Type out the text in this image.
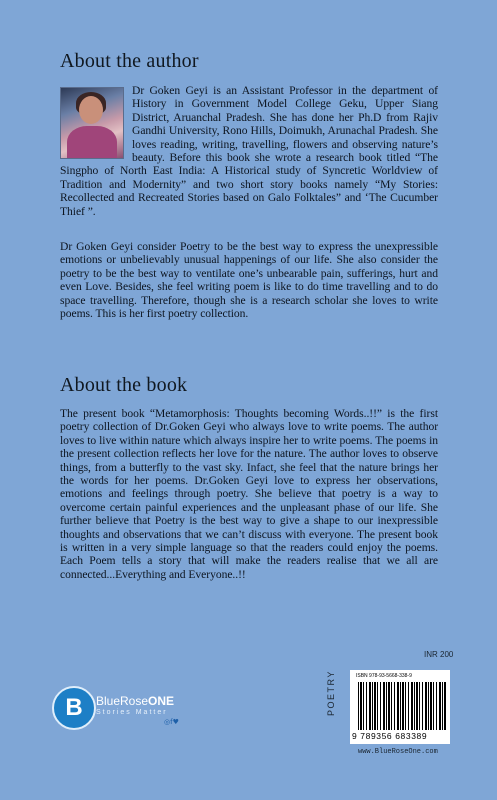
About the author

Dr Goken Geyi is an Assistant Professor in the department of History in Government Model College Geku, Upper Siang District, Aruanchal Pradesh. She has done her Ph.D from Rajiv Gandhi University, Rono Hills, Doimukh, Arunachal Pradesh. She loves reading, writing, travelling, flowers and observing nature’s beauty. Before this book she wrote a research book titled “The Singpho of North East India: A Historical study of Syncretic Worldview of Tradition and Modernity” and two short story books namely “My Stories: Recollected and Recreated Stories based on Galo Folktales” and ‘The Cucumber Thief ”.

Dr Goken Geyi consider Poetry to be the best way to express the unexpressible emotions or unbelievably unusual happenings of our life. She also consider the poetry to be the best way to ventilate one’s unbearable pain, sufferings, hurt and even Love. Besides, she feel writing poem is like to do time travelling and to do space travelling. Therefore, though she is a research scholar she loves to write poems. This is her first poetry collection.

About the book

The present book “Metamorphosis: Thoughts becoming Words..!!” is the first poetry collection of Dr.Goken Geyi who always love to write poems. The author loves to live within nature which always inspire her to write poems. The poems in the present collection reflects her love for the nature. The author loves to observe things, from a butterfly to the vast sky. Infact, she feel that the nature brings her the words for her poems. Dr.Goken Geyi love to express her observations, emotions and feelings through poetry. She believe that poetry is a way to overcome certain painful experiences and the unpleasant phase of our life. She further believe that Poetry is the best way to give a shape to our inexpressible thoughts and observations that we can’t discuss with everyone. The present book is written in a very simple language so that the readers could enjoy the poems. Each Poem tells a story that will make the readers realise that we all are connected...Everything and Everyone..!!

B	BlueRoseONE
Stories Matter
◎f♥
INR 200
POETRY	ISBN 978-93-5668-338-9
9 789356 683389
www.BlueRoseOne.com
